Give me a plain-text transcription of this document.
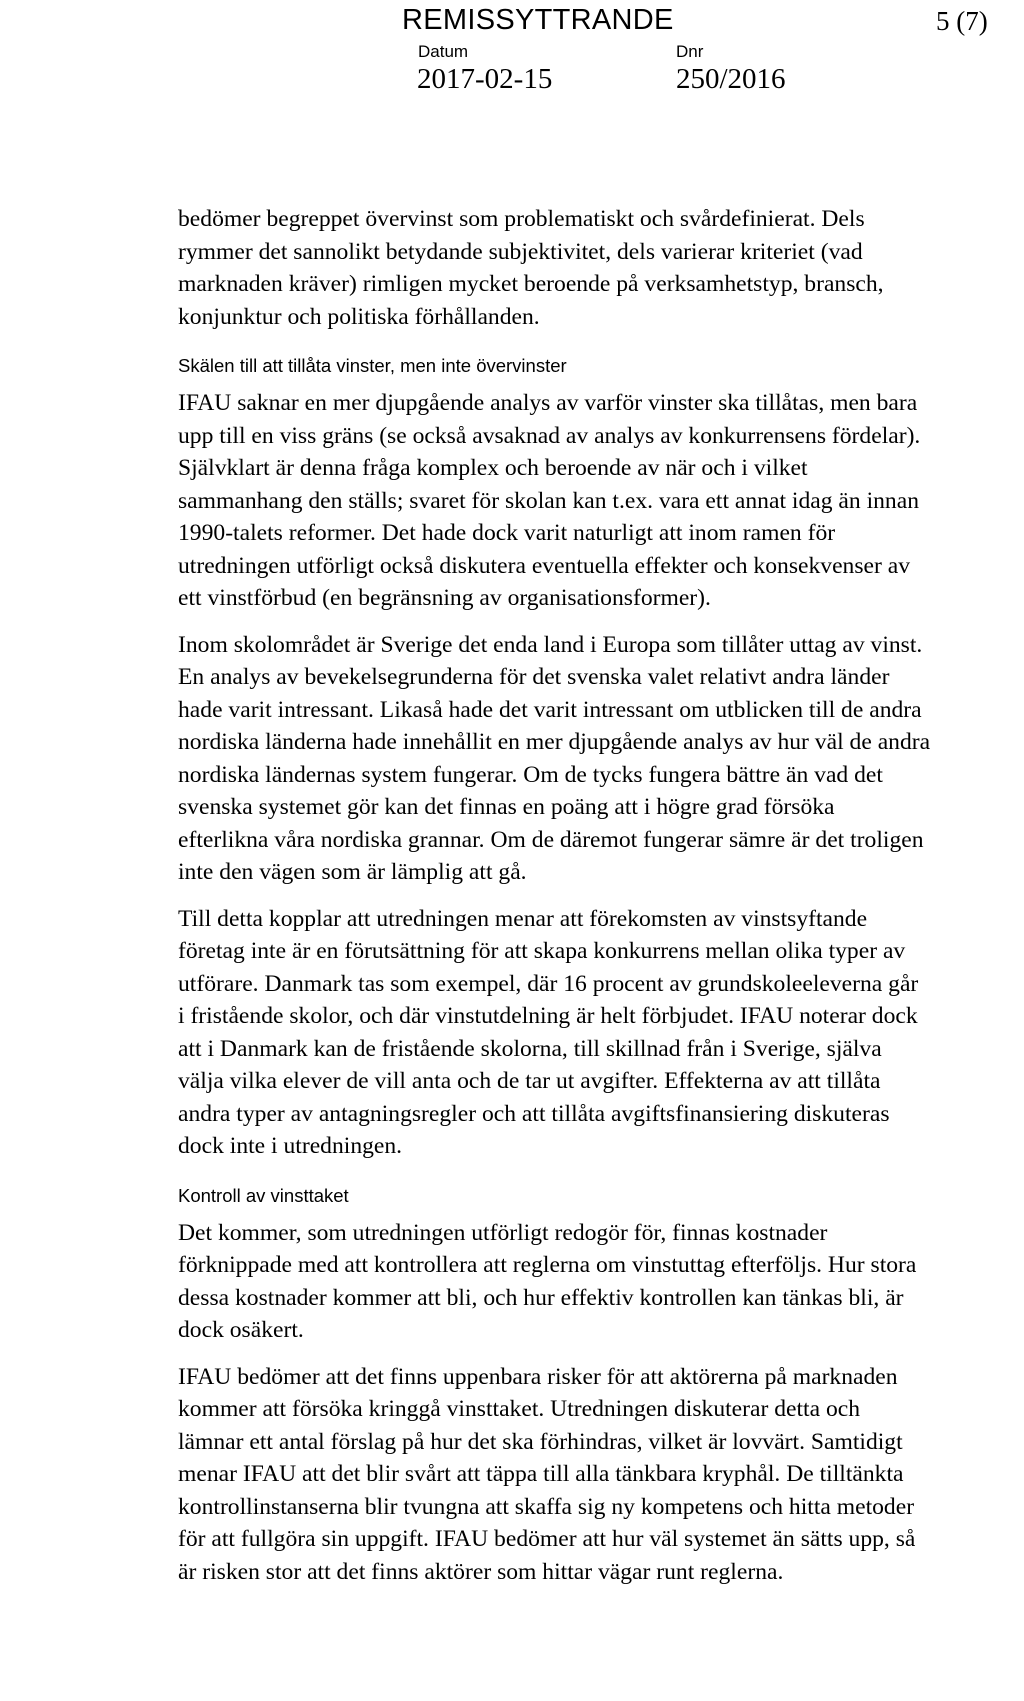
REMISSYTTRANDE	5 (7)
Datum	Dnr
2017-02-15	250/2016
bedömer begreppet övervinst som problematiskt och svårdefinierat. Dels
rymmer det sannolikt betydande subjektivitet, dels varierar kriteriet (vad
marknaden kräver) rimligen mycket beroende på verksamhetstyp, bransch,
konjunktur och politiska förhållanden.
Skälen till att tillåta vinster, men inte övervinster
IFAU saknar en mer djupgående analys av varför vinster ska tillåtas, men bara
upp till en viss gräns (se också avsaknad av analys av konkurrensens fördelar).
Självklart är denna fråga komplex och beroende av när och i vilket
sammanhang den ställs; svaret för skolan kan t.ex. vara ett annat idag än innan
1990-talets reformer. Det hade dock varit naturligt att inom ramen för
utredningen utförligt också diskutera eventuella effekter och konsekvenser av
ett vinstförbud (en begränsning av organisationsformer).
Inom skolområdet är Sverige det enda land i Europa som tillåter uttag av vinst.
En analys av bevekelsegrunderna för det svenska valet relativt andra länder
hade varit intressant. Likaså hade det varit intressant om utblicken till de andra
nordiska länderna hade innehållit en mer djupgående analys av hur väl de andra
nordiska ländernas system fungerar. Om de tycks fungera bättre än vad det
svenska systemet gör kan det finnas en poäng att i högre grad försöka
efterlikna våra nordiska grannar. Om de däremot fungerar sämre är det troligen
inte den vägen som är lämplig att gå.
Till detta kopplar att utredningen menar att förekomsten av vinstsyftande
företag inte är en förutsättning för att skapa konkurrens mellan olika typer av
utförare. Danmark tas som exempel, där 16 procent av grundskoleeleverna går
i fristående skolor, och där vinstutdelning är helt förbjudet. IFAU noterar dock
att i Danmark kan de fristående skolorna, till skillnad från i Sverige, själva
välja vilka elever de vill anta och de tar ut avgifter. Effekterna av att tillåta
andra typer av antagningsregler och att tillåta avgiftsfinansiering diskuteras
dock inte i utredningen.
Kontroll av vinsttaket
Det kommer, som utredningen utförligt redogör för, finnas kostnader
förknippade med att kontrollera att reglerna om vinstuttag efterföljs. Hur stora
dessa kostnader kommer att bli, och hur effektiv kontrollen kan tänkas bli, är
dock osäkert.
IFAU bedömer att det finns uppenbara risker för att aktörerna på marknaden
kommer att försöka kringgå vinsttaket. Utredningen diskuterar detta och
lämnar ett antal förslag på hur det ska förhindras, vilket är lovvärt. Samtidigt
menar IFAU att det blir svårt att täppa till alla tänkbara kryphål. De tilltänkta
kontrollinstanserna blir tvungna att skaffa sig ny kompetens och hitta metoder
för att fullgöra sin uppgift. IFAU bedömer att hur väl systemet än sätts upp, så
är risken stor att det finns aktörer som hittar vägar runt reglerna.
